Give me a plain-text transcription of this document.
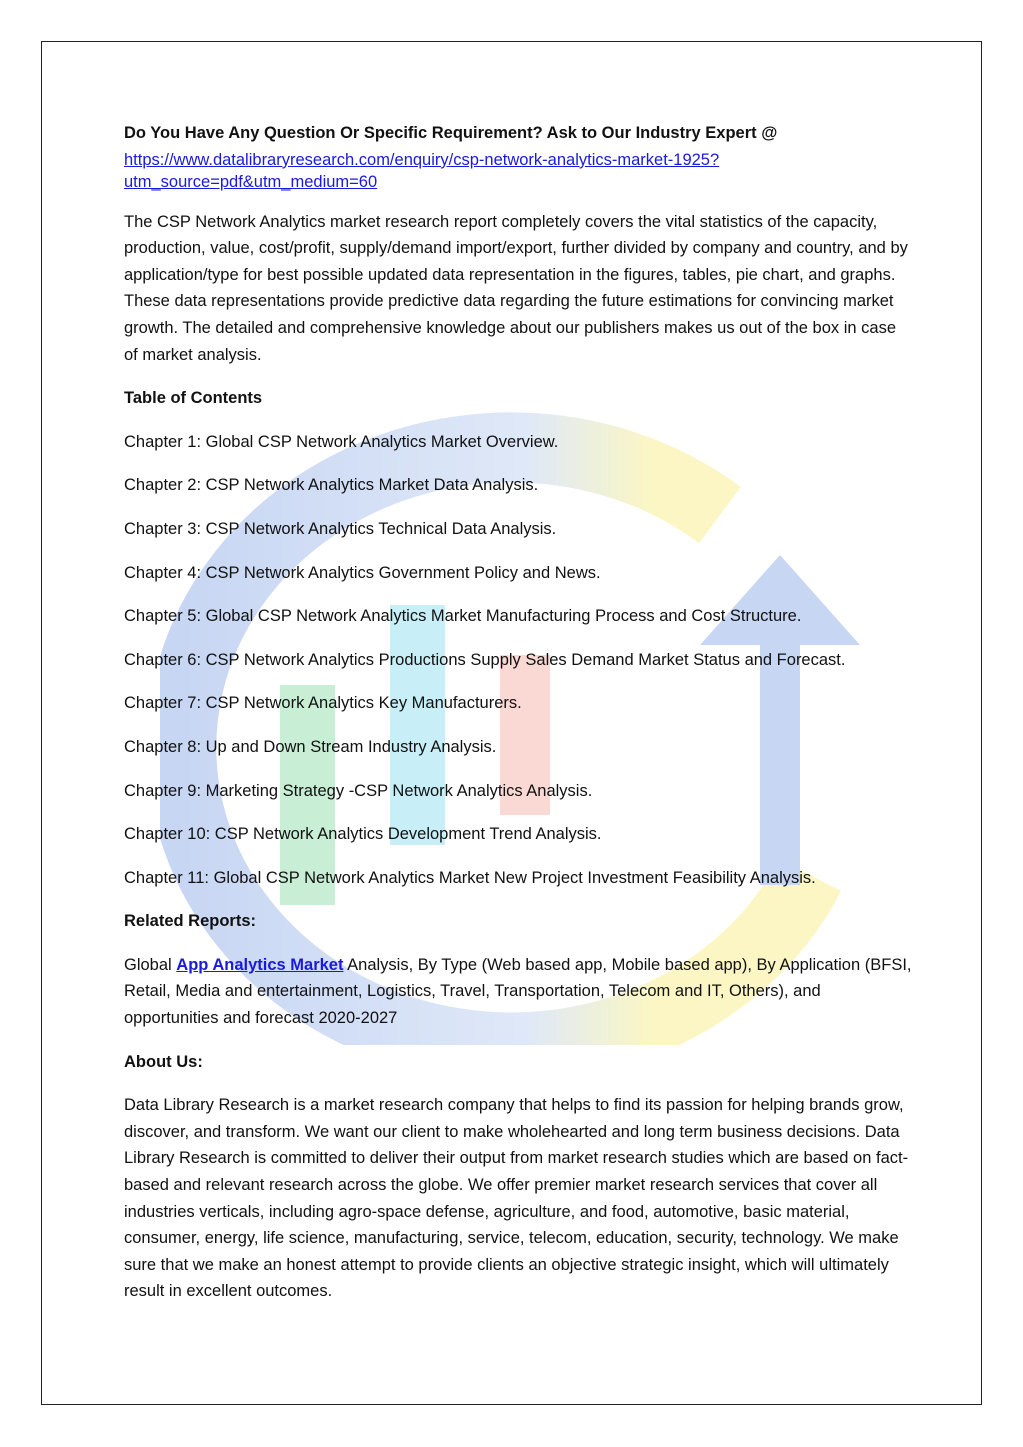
Do You Have Any Question Or Specific Requirement? Ask to Our Industry Expert @

https://www.datalibraryresearch.com/enquiry/csp-network-analytics-market-1925?utm_source=pdf&utm_medium=60

The CSP Network Analytics market research report completely covers the vital statistics of the capacity, production, value, cost/profit, supply/demand import/export, further divided by company and country, and by application/type for best possible updated data representation in the figures, tables, pie chart, and graphs. These data representations provide predictive data regarding the future estimations for convincing market growth. The detailed and comprehensive knowledge about our publishers makes us out of the box in case of market analysis.

Table of Contents

Chapter 1: Global CSP Network Analytics Market Overview.

Chapter 2: CSP Network Analytics Market Data Analysis.

Chapter 3: CSP Network Analytics Technical Data Analysis.

Chapter 4: CSP Network Analytics Government Policy and News.

Chapter 5: Global CSP Network Analytics Market Manufacturing Process and Cost Structure.

Chapter 6: CSP Network Analytics Productions Supply Sales Demand Market Status and Forecast.

Chapter 7: CSP Network Analytics Key Manufacturers.

Chapter 8: Up and Down Stream Industry Analysis.

Chapter 9: Marketing Strategy -CSP Network Analytics Analysis.

Chapter 10: CSP Network Analytics Development Trend Analysis.

Chapter 11: Global CSP Network Analytics Market New Project Investment Feasibility Analysis.

Related Reports:

Global App Analytics Market Analysis, By Type (Web based app, Mobile based app), By Application (BFSI, Retail, Media and entertainment, Logistics, Travel, Transportation, Telecom and IT, Others), and opportunities and forecast 2020-2027

About Us:

Data Library Research is a market research company that helps to find its passion for helping brands grow, discover, and transform. We want our client to make wholehearted and long term business decisions. Data Library Research is committed to deliver their output from market research studies which are based on fact-based and relevant research across the globe. We offer premier market research services that cover all industries verticals, including agro-space defense, agriculture, and food, automotive, basic material, consumer, energy, life science, manufacturing, service, telecom, education, security, technology. We make sure that we make an honest attempt to provide clients an objective strategic insight, which will ultimately result in excellent outcomes.
